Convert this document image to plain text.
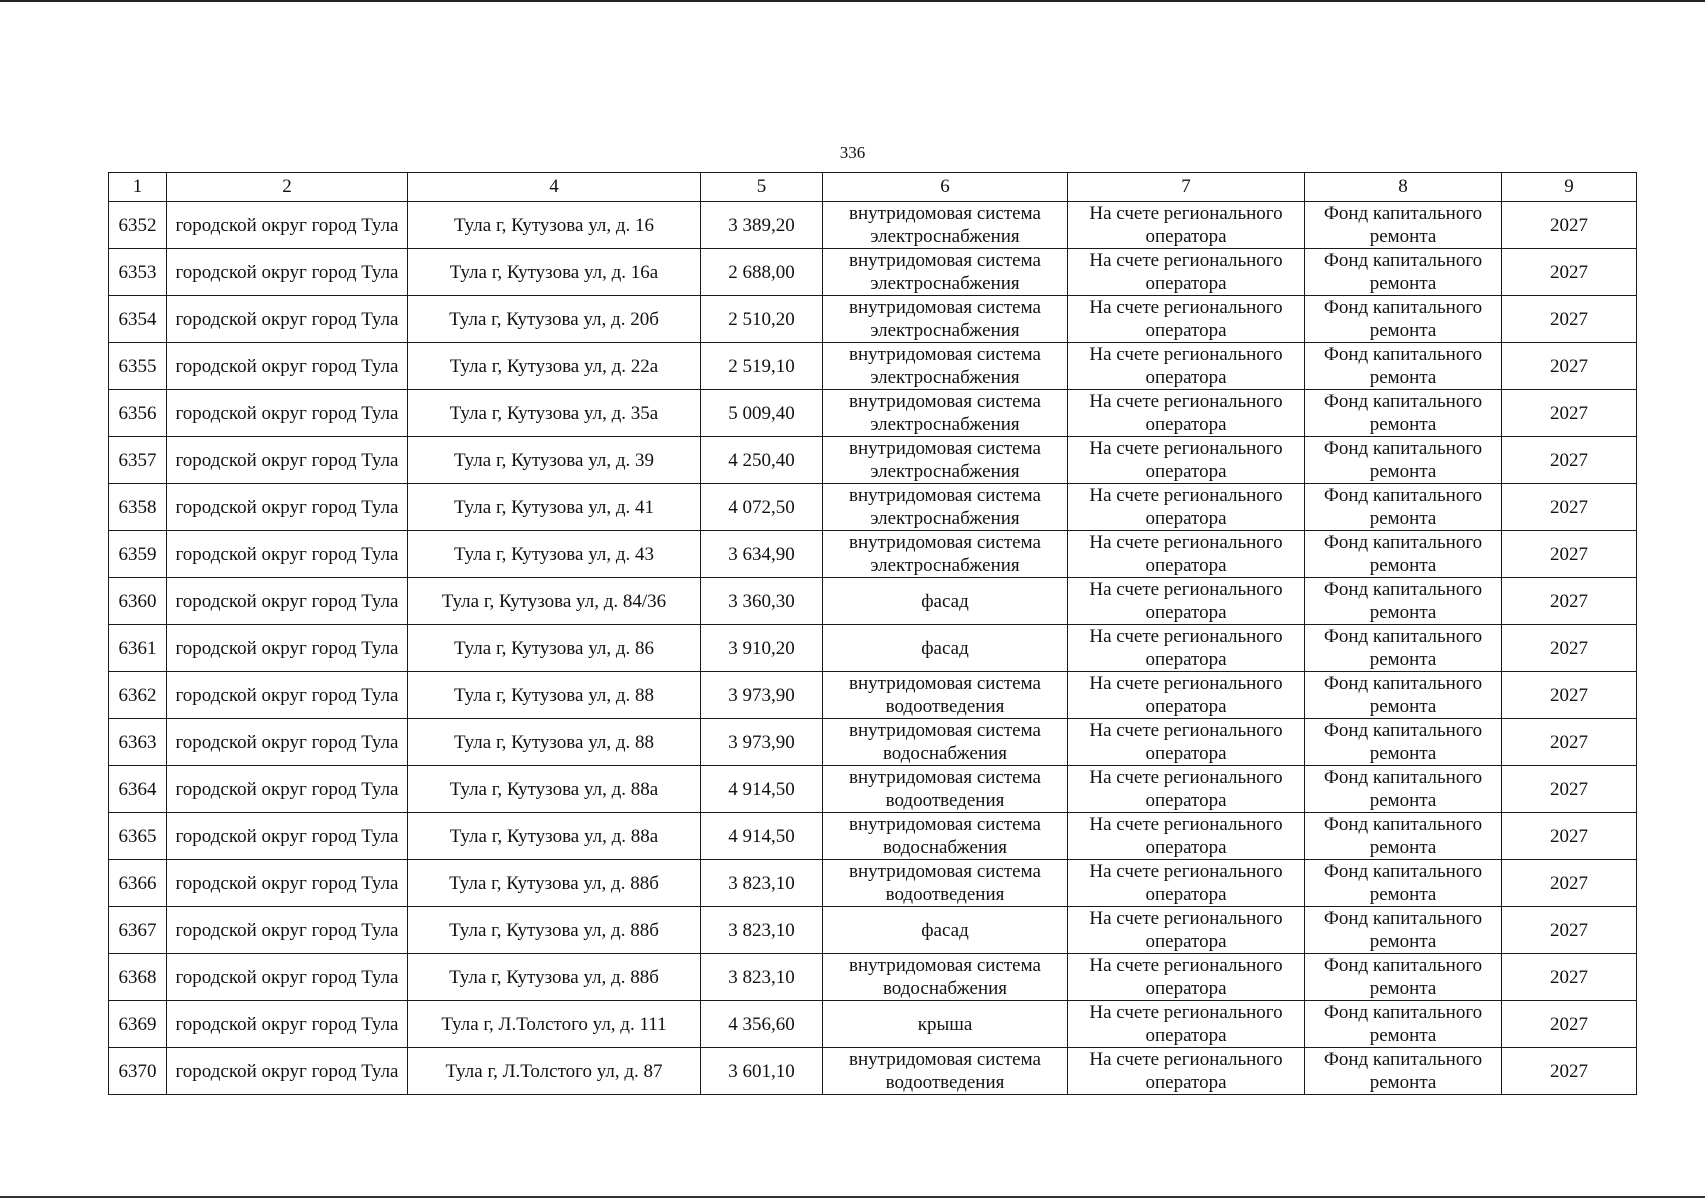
336
1	2	4	5	6	7	8	9
6352	городской округ город Тула	Тула г, Кутузова ул, д. 16	3 389,20	внутридомовая система электроснабжения	На счете регионального оператора	Фонд капитального ремонта	2027
6353	городской округ город Тула	Тула г, Кутузова ул, д. 16а	2 688,00	внутридомовая система электроснабжения	На счете регионального оператора	Фонд капитального ремонта	2027
6354	городской округ город Тула	Тула г, Кутузова ул, д. 20б	2 510,20	внутридомовая система электроснабжения	На счете регионального оператора	Фонд капитального ремонта	2027
6355	городской округ город Тула	Тула г, Кутузова ул, д. 22а	2 519,10	внутридомовая система электроснабжения	На счете регионального оператора	Фонд капитального ремонта	2027
6356	городской округ город Тула	Тула г, Кутузова ул, д. 35а	5 009,40	внутридомовая система электроснабжения	На счете регионального оператора	Фонд капитального ремонта	2027
6357	городской округ город Тула	Тула г, Кутузова ул, д. 39	4 250,40	внутридомовая система электроснабжения	На счете регионального оператора	Фонд капитального ремонта	2027
6358	городской округ город Тула	Тула г, Кутузова ул, д. 41	4 072,50	внутридомовая система электроснабжения	На счете регионального оператора	Фонд капитального ремонта	2027
6359	городской округ город Тула	Тула г, Кутузова ул, д. 43	3 634,90	внутридомовая система электроснабжения	На счете регионального оператора	Фонд капитального ремонта	2027
6360	городской округ город Тула	Тула г, Кутузова ул, д. 84/36	3 360,30	фасад	На счете регионального оператора	Фонд капитального ремонта	2027
6361	городской округ город Тула	Тула г, Кутузова ул, д. 86	3 910,20	фасад	На счете регионального оператора	Фонд капитального ремонта	2027
6362	городской округ город Тула	Тула г, Кутузова ул, д. 88	3 973,90	внутридомовая система водоотведения	На счете регионального оператора	Фонд капитального ремонта	2027
6363	городской округ город Тула	Тула г, Кутузова ул, д. 88	3 973,90	внутридомовая система водоснабжения	На счете регионального оператора	Фонд капитального ремонта	2027
6364	городской округ город Тула	Тула г, Кутузова ул, д. 88а	4 914,50	внутридомовая система водоотведения	На счете регионального оператора	Фонд капитального ремонта	2027
6365	городской округ город Тула	Тула г, Кутузова ул, д. 88а	4 914,50	внутридомовая система водоснабжения	На счете регионального оператора	Фонд капитального ремонта	2027
6366	городской округ город Тула	Тула г, Кутузова ул, д. 88б	3 823,10	внутридомовая система водоотведения	На счете регионального оператора	Фонд капитального ремонта	2027
6367	городской округ город Тула	Тула г, Кутузова ул, д. 88б	3 823,10	фасад	На счете регионального оператора	Фонд капитального ремонта	2027
6368	городской округ город Тула	Тула г, Кутузова ул, д. 88б	3 823,10	внутридомовая система водоснабжения	На счете регионального оператора	Фонд капитального ремонта	2027
6369	городской округ город Тула	Тула г, Л.Толстого ул, д. 111	4 356,60	крыша	На счете регионального оператора	Фонд капитального ремонта	2027
6370	городской округ город Тула	Тула г, Л.Толстого ул, д. 87	3 601,10	внутридомовая система водоотведения	На счете регионального оператора	Фонд капитального ремонта	2027
